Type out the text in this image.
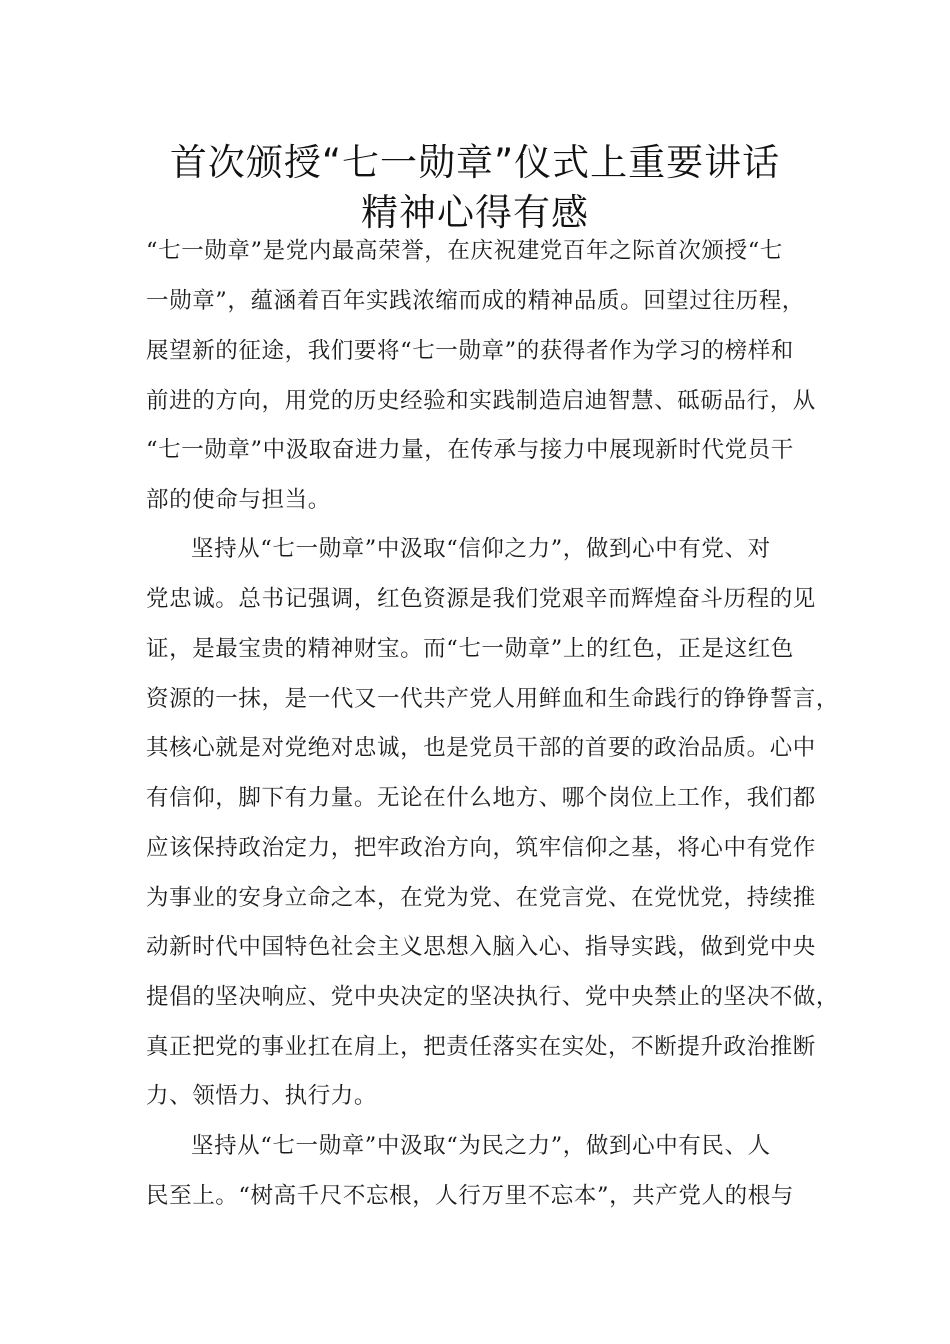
首次颁授“七一勋章”仪式上重要讲话
精神心得有感
“七一勋章”是党内最高荣誉，在庆祝建党百年之际首次颁授“七
一勋章”，蕴涵着百年实践浓缩而成的精神品质。回望过往历程，
展望新的征途，我们要将“七一勋章”的获得者作为学习的榜样和
前进的方向，用党的历史经验和实践制造启迪智慧、砥砺品行，从
“七一勋章”中汲取奋进力量，在传承与接力中展现新时代党员干
部的使命与担当。
坚持从“七一勋章”中汲取“信仰之力”，做到心中有党、对
党忠诚。总书记强调，红色资源是我们党艰辛而辉煌奋斗历程的见
证，是最宝贵的精神财宝。而“七一勋章”上的红色，正是这红色
资源的一抹，是一代又一代共产党人用鲜血和生命践行的铮铮誓言，
其核心就是对党绝对忠诚，也是党员干部的首要的政治品质。心中
有信仰，脚下有力量。无论在什么地方、哪个岗位上工作，我们都
应该保持政治定力，把牢政治方向，筑牢信仰之基，将心中有党作
为事业的安身立命之本，在党为党、在党言党、在党忧党，持续推
动新时代中国特色社会主义思想入脑入心、指导实践，做到党中央
提倡的坚决响应、党中央决定的坚决执行、党中央禁止的坚决不做，
真正把党的事业扛在肩上，把责任落实在实处，不断提升政治推断
力、领悟力、执行力。
坚持从“七一勋章”中汲取“为民之力”，做到心中有民、人
民至上。“树高千尺不忘根，人行万里不忘本”，共产党人的根与
